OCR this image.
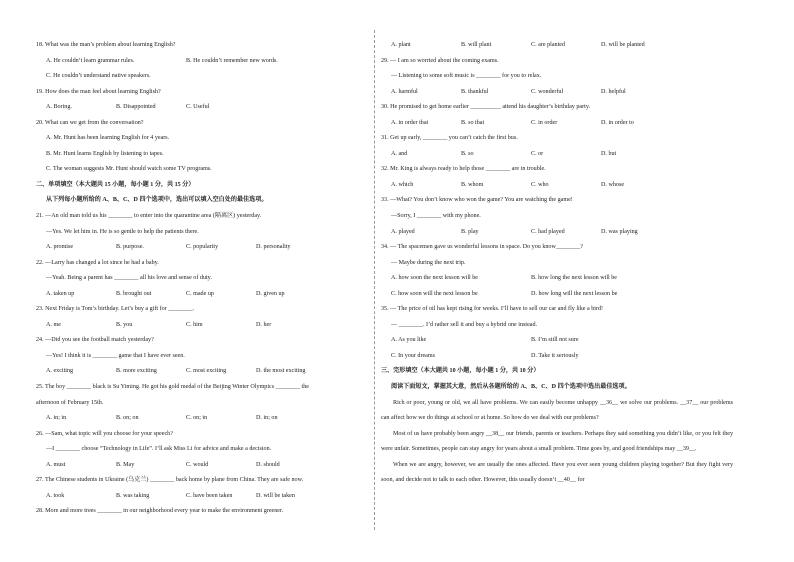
18. What was the man’s problem about learning English?
A. He couldn’t learn grammar rules.	B. He couldn’t remember new words.
C. He couldn’t understand native speakers.
19. How does the man feel about learning English?
A. Boring.	B. Disappointed	C. Useful
20. What can we get from the conversation?
A. Mr. Hunt has been learning English for 4 years.
B. Mr. Hunt learns English by listening to tapes.
C. The woman suggests Mr. Hunt should watch some TV programs.
二、单项填空（本大题共 15 小题，每小题 1 分，共 15 分）
从下列每小题所给的 A、B、C、D 四个选项中，选出可以填入空白处的最佳选项。
21. —An old man told us his ________ to enter into the quarantine area (隔离区) yesterday.
—Yes. We let him in. He is so gentle to help the patients there.
A. promise	B. purpose.	C. popularity	D. personality
22. —Larry has changed a lot since he had a baby.
—Yeah. Being a parent has ________ all his love and sense of duty.
A. taken up	B. brought out	C. made up	D. given up
23. Next Friday is Tom’s birthday. Let’s buy a gift for ________.
A. me	B. you	C. him	D. her
24. —Did you see the football match yesterday?
—Yes! I think it is ________ game that I have ever seen.
A. exciting	B. more exciting	C. most exciting	D. the most exciting
25. The boy ________ black is Su Yiming. He got his gold medal of the Beijing Winter Olympics ________ the
afternoon of February 15th.
A. in; in	B. on; on	C. on; in	D. in; on
26. —Sam, what topic will you choose for your speech?
—I ________ choose “Technology in Life”. I’ll ask Miss Li for advice and make a decision.
A. must	B. May	C. would	D. should
27. The Chinese students in Ukraine (乌克兰) ________ back home by plane from China. They are safe now.
A. took	B. was taking	C. have been taken	D. will be taken
28. More and more trees ________ in our neighborhood every year to make the environment greener.
A. plant	B. will plant	C. are planted	D. will be planted
29. — I am so worried about the coming exams.
— Listening to some soft music is ________ for you to relax.
A. harmful	B. thankful	C. wonderful	D. helpful
30. He promised to get home earlier __________ attend his daughter’s birthday party.
A. in order that	B. so that	C. in order	D. in order to
31. Get up early, ________ you can’t catch the first bus.
A. and	B. so	C. or	D. but
32. Mr. King is always ready to help those ________ are in trouble.
A. which	B. whom	C. who	D. whose
33. —What? You don’t know who won the game? You are watching the game!
—Sorry, I ________ with my phone.
A. played	B. play	C. had played	D. was playing
34. — The spacemen gave us wonderful lessons in space. Do you know________?
— Maybe during the next trip.
A. how soon the next lesson will be	B. how long the next lesson will be
C. how soon will the next lesson be	D. how long will the next lesson be
35. — The price of oil has kept rising for weeks. I’ll have to sell our car and fly like a bird!
— ________. I’d rather sell it and buy a hybrid one instead.
A. As you like	B. I’m still not sure
C. In your dreams	D. Take it seriously
三、完形填空（本大题共 10 小题，每小题 1 分，共 10 分）
阅读下面短文，掌握其大意，然后从各题所给的 A、B、C、D 四个选项中选出最佳选项。
Rich or poor, young or old, we all have problems. We can easily become unhappy __36__ we solve our problems. __37__ our problems can affect how we do things at school or at home. So how do we deal with our problems?
Most of us have probably been angry __38__ our friends, parents or teachers. Perhaps they said something you didn’t like, or you felt they were unfair. Sometimes, people can stay angry for years about a small problem. Time goes by, and good friendships may __39__.
When we are angry, however, we are usually the ones affected. Have you ever seen young children playing together? But they fight very soon, and decide not to talk to each other. However, this usually doesn’t __40__ for
